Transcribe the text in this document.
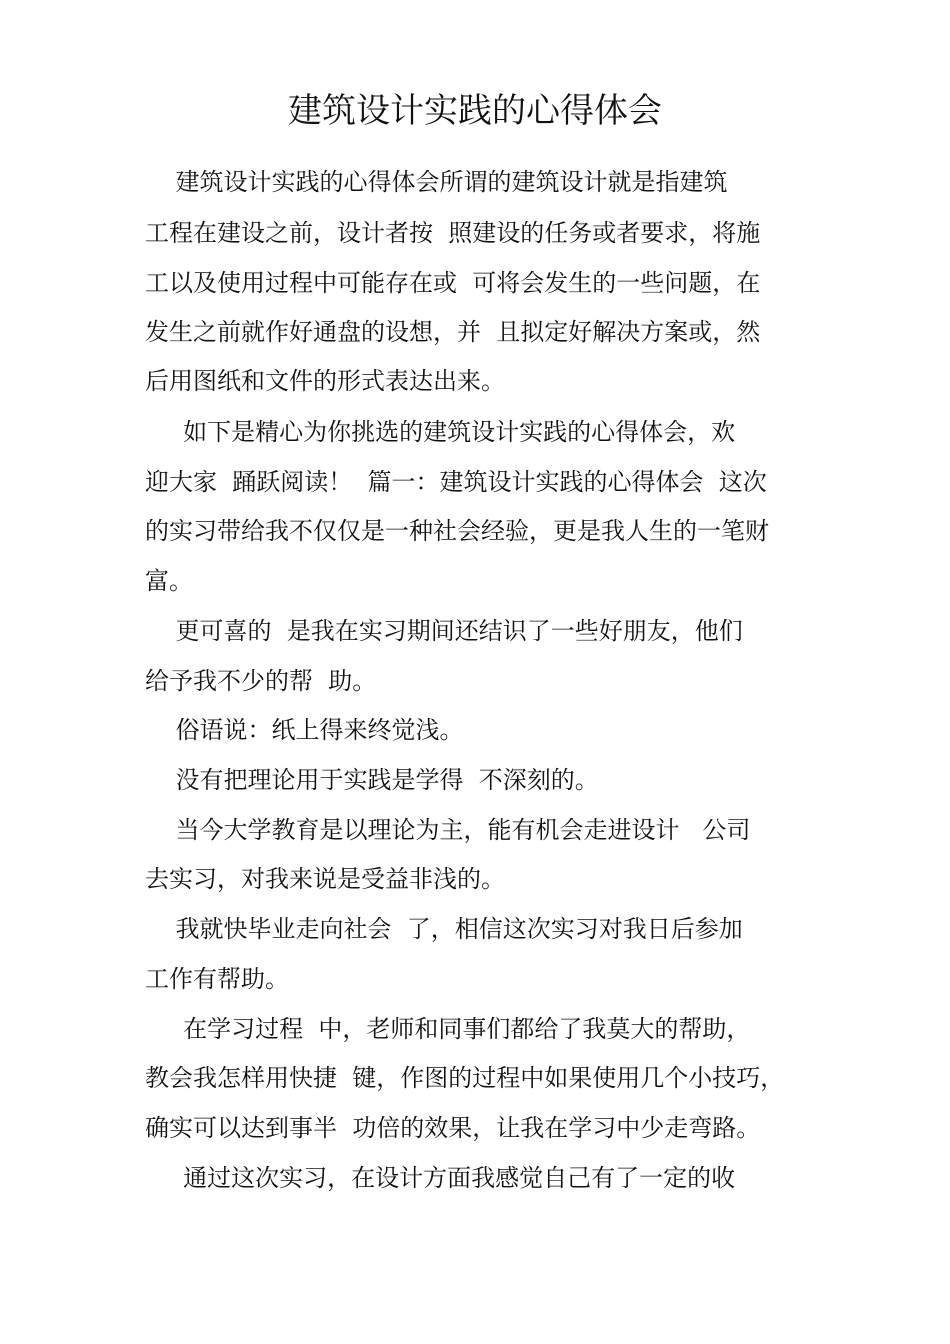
建筑设计实践的心得体会
建筑设计实践的心得体会所谓的建筑设计就是指建筑
工程在建设之前，设计者按  照建设的任务或者要求，将施
工以及使用过程中可能存在或  可将会发生的一些问题，在
发生之前就作好通盘的设想，并  且拟定好解决方案或，然
后用图纸和文件的形式表达出来。
如下是精心为你挑选的建筑设计实践的心得体会，欢
迎大家  踊跃阅读！  篇一：建筑设计实践的心得体会  这次
的实习带给我不仅仅是一种社会经验，更是我人生的一笔财
富。
更可喜的  是我在实习期间还结识了一些好朋友，他们
给予我不少的帮  助。
俗语说：纸上得来终觉浅。
没有把理论用于实践是学得  不深刻的。
当今大学教育是以理论为主，能有机会走进设计   公司
去实习，对我来说是受益非浅的。
我就快毕业走向社会  了，相信这次实习对我日后参加
工作有帮助。
在学习过程  中，老师和同事们都给了我莫大的帮助，
教会我怎样用快捷  键，作图的过程中如果使用几个小技巧，
确实可以达到事半  功倍的效果，让我在学习中少走弯路。
通过这次实习，在设计方面我感觉自己有了一定的收
